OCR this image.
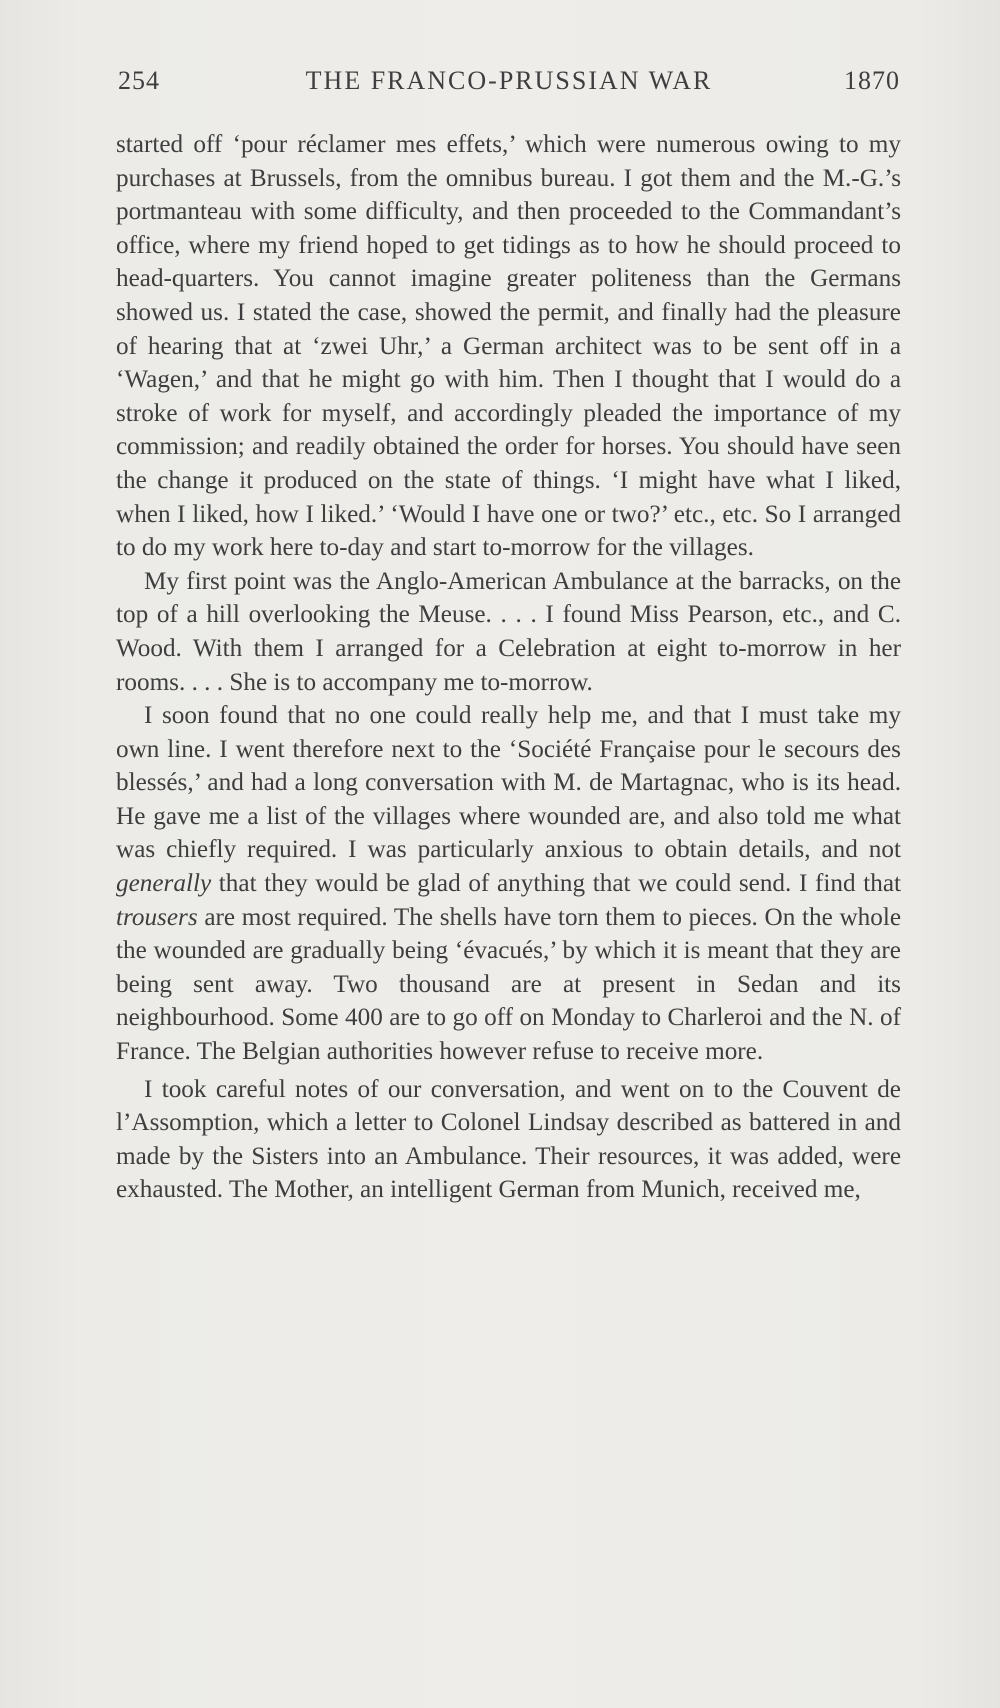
254	THE FRANCO-PRUSSIAN WAR	1870

started off ‘pour réclamer mes effets,’ which were numerous owing to my purchases at Brussels, from the omnibus bureau. I got them and the M.-G.’s portmanteau with some difficulty, and then proceeded to the Commandant’s office, where my friend hoped to get tidings as to how he should proceed to head-quarters. You cannot imagine greater politeness than the Germans showed us. I stated the case, showed the permit, and finally had the pleasure of hearing that at ‘zwei Uhr,’ a German architect was to be sent off in a ‘Wagen,’ and that he might go with him. Then I thought that I would do a stroke of work for myself, and accordingly pleaded the importance of my commission; and readily obtained the order for horses. You should have seen the change it produced on the state of things. ‘I might have what I liked, when I liked, how I liked.’ ‘Would I have one or two?’ etc., etc. So I arranged to do my work here to-day and start to-morrow for the villages.

My first point was the Anglo-American Ambulance at the barracks, on the top of a hill overlooking the Meuse. . . . I found Miss Pearson, etc., and C. Wood. With them I arranged for a Celebration at eight to-morrow in her rooms. . . . She is to accompany me to-morrow.

I soon found that no one could really help me, and that I must take my own line. I went therefore next to the ‘Société Française pour le secours des blessés,’ and had a long conversation with M. de Martagnac, who is its head. He gave me a list of the villages where wounded are, and also told me what was chiefly required. I was particularly anxious to obtain details, and not generally that they would be glad of anything that we could send. I find that trousers are most required. The shells have torn them to pieces. On the whole the wounded are gradually being ‘évacués,’ by which it is meant that they are being sent away. Two thousand are at present in Sedan and its neighbourhood. Some 400 are to go off on Monday to Charleroi and the N. of France. The Belgian authorities however refuse to receive more.

I took careful notes of our conversation, and went on to the Couvent de l’Assomption, which a letter to Colonel Lindsay described as battered in and made by the Sisters into an Ambulance. Their resources, it was added, were exhausted. The Mother, an intelligent German from Munich, received me,
